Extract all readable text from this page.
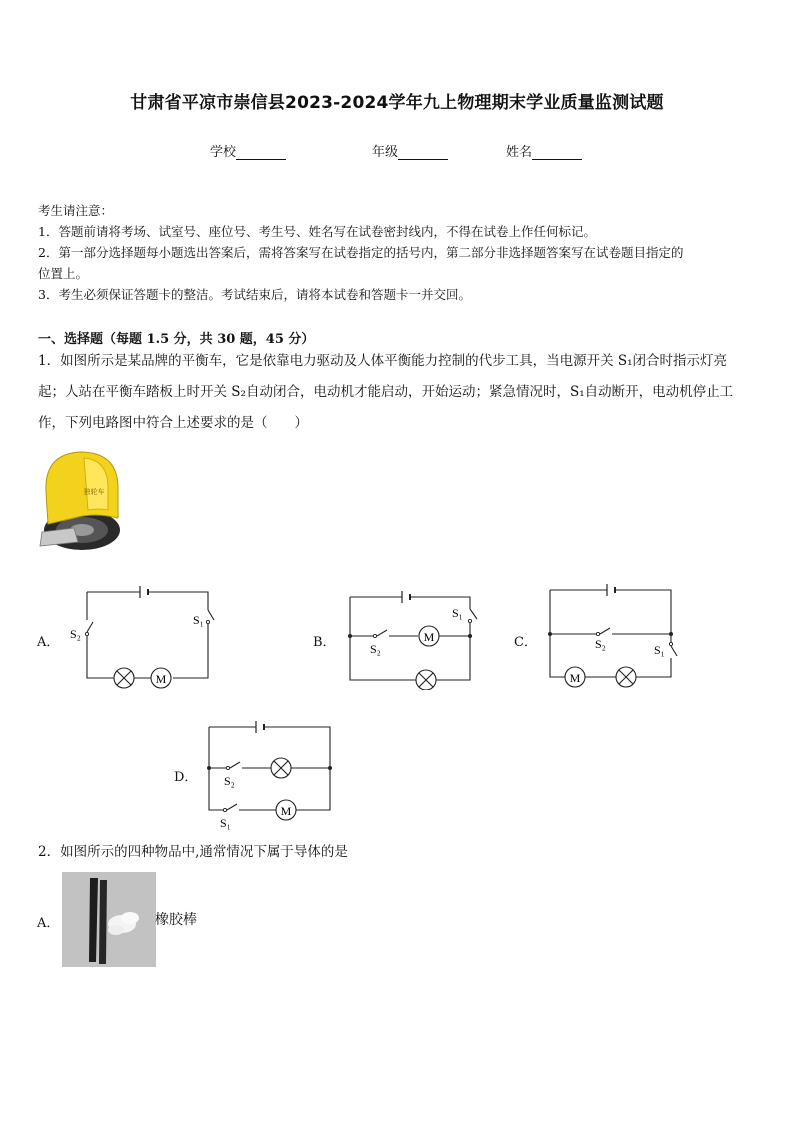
甘肃省平凉市崇信县2023-2024学年九上物理期末学业质量监测试题
学校	年级	姓名
考生请注意：
1．答题前请将考场、试室号、座位号、考生号、姓名写在试卷密封线内，不得在试卷上作任何标记。
2．第一部分选择题每小题选出答案后，需将答案写在试卷指定的括号内，第二部分非选择题答案写在试卷题目指定的
位置上。
3．考生必须保证答题卡的整洁。考试结束后，请将本试卷和答题卡一并交回。
一、选择题（每题 1.5 分，共 30 题，45 分）
1．如图所示是某品牌的平衡车，它是依靠电力驱动及人体平衡能力控制的代步工具，当电源开关 S₁闭合时指示灯亮
起；人站在平衡车踏板上时开关 S₂自动闭合，电动机才能启动，开始运动；紧急情况时，S₁自动断开，电动机停止工
作，下列电路图中符合上述要求的是（　　）
独轮车
A．
M
S₁
S₂
B．	M
S₁
S₂	C．
M
S₂	S₁
D．
M
S₂
S₁
2．如图所示的四种物品中,通常情况下属于导体的是
A．	橡胶棒
